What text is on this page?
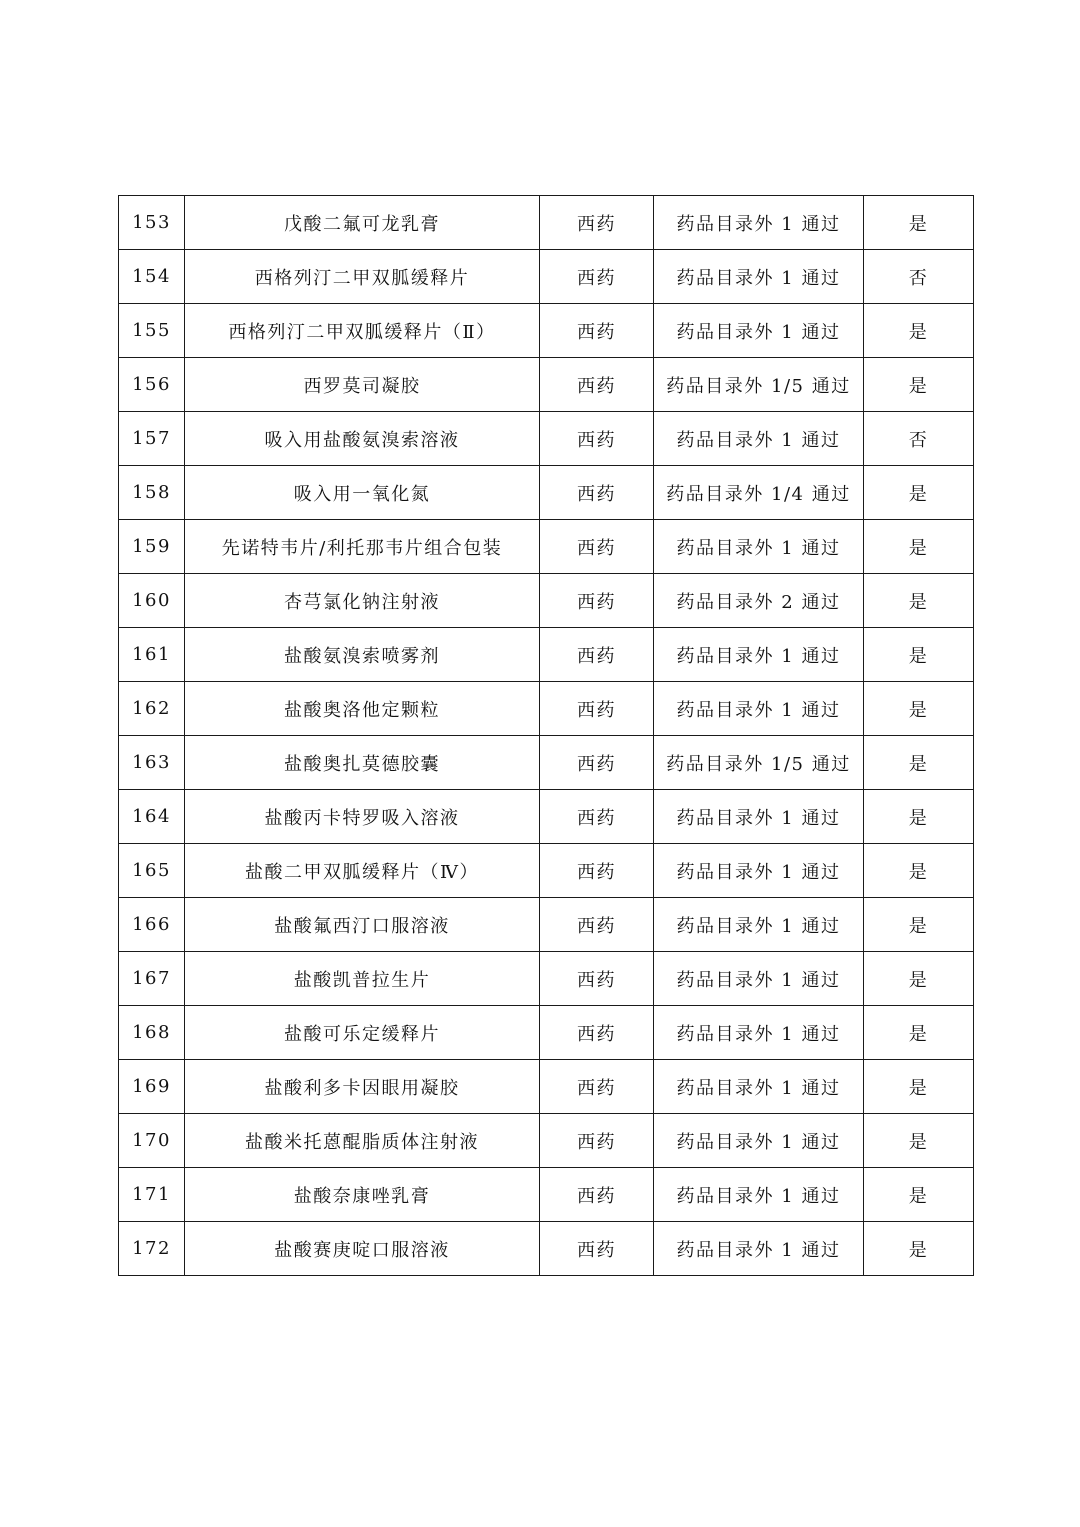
153	戊酸二氟可龙乳膏	西药	药品目录外 1 通过	是
154	西格列汀二甲双胍缓释片	西药	药品目录外 1 通过	否
155	西格列汀二甲双胍缓释片（Ⅱ）	西药	药品目录外 1 通过	是
156	西罗莫司凝胶	西药	药品目录外 1/5 通过	是
157	吸入用盐酸氨溴索溶液	西药	药品目录外 1 通过	否
158	吸入用一氧化氮	西药	药品目录外 1/4 通过	是
159	先诺特韦片/利托那韦片组合包装	西药	药品目录外 1 通过	是
160	杏芎氯化钠注射液	西药	药品目录外 2 通过	是
161	盐酸氨溴索喷雾剂	西药	药品目录外 1 通过	是
162	盐酸奥洛他定颗粒	西药	药品目录外 1 通过	是
163	盐酸奥扎莫德胶囊	西药	药品目录外 1/5 通过	是
164	盐酸丙卡特罗吸入溶液	西药	药品目录外 1 通过	是
165	盐酸二甲双胍缓释片（Ⅳ）	西药	药品目录外 1 通过	是
166	盐酸氟西汀口服溶液	西药	药品目录外 1 通过	是
167	盐酸凯普拉生片	西药	药品目录外 1 通过	是
168	盐酸可乐定缓释片	西药	药品目录外 1 通过	是
169	盐酸利多卡因眼用凝胶	西药	药品目录外 1 通过	是
170	盐酸米托蒽醌脂质体注射液	西药	药品目录外 1 通过	是
171	盐酸奈康唑乳膏	西药	药品目录外 1 通过	是
172	盐酸赛庚啶口服溶液	西药	药品目录外 1 通过	是
